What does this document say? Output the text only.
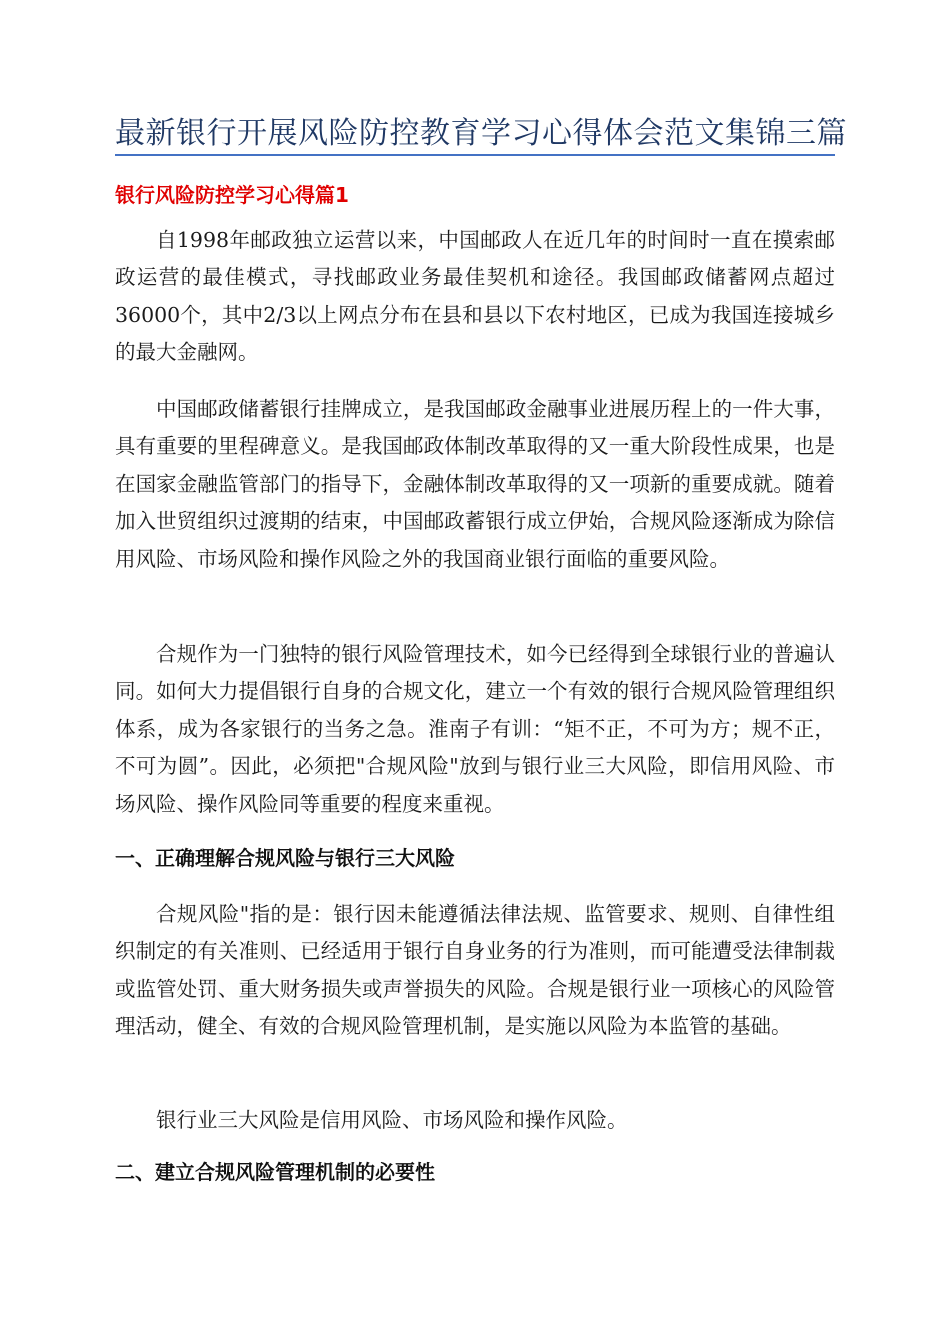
最新银行开展风险防控教育学习心得体会范文集锦三篇
银行风险防控学习心得篇1

自1998年邮政独立运营以来，中国邮政人在近几年的时间时一直在摸索邮政运营的最佳模式，寻找邮政业务最佳契机和途径。我国邮政储蓄网点超过36000个，其中2/3以上网点分布在县和县以下农村地区，已成为我国连接城乡的最大金融网。

中国邮政储蓄银行挂牌成立，是我国邮政金融事业进展历程上的一件大事，具有重要的里程碑意义。是我国邮政体制改革取得的又一重大阶段性成果，也是在国家金融监管部门的指导下，金融体制改革取得的又一项新的重要成就。随着加入世贸组织过渡期的结束，中国邮政蓄银行成立伊始，合规风险逐渐成为除信用风险、市场风险和操作风险之外的我国商业银行面临的重要风险。

合规作为一门独特的银行风险管理技术，如今已经得到全球银行业的普遍认同。如何大力提倡银行自身的合规文化，建立一个有效的银行合规风险管理组织体系，成为各家银行的当务之急。淮南子有训：“矩不正，不可为方；规不正，不可为圆”。因此，必须把"合规风险"放到与银行业三大风险，即信用风险、市场风险、操作风险同等重要的程度来重视。

一、正确理解合规风险与银行三大风险

合规风险"指的是：银行因未能遵循法律法规、监管要求、规则、自律性组织制定的有关准则、已经适用于银行自身业务的行为准则，而可能遭受法律制裁或监管处罚、重大财务损失或声誉损失的风险。合规是银行业一项核心的风险管理活动，健全、有效的合规风险管理机制，是实施以风险为本监管的基础。

银行业三大风险是信用风险、市场风险和操作风险。

二、建立合规风险管理机制的必要性
